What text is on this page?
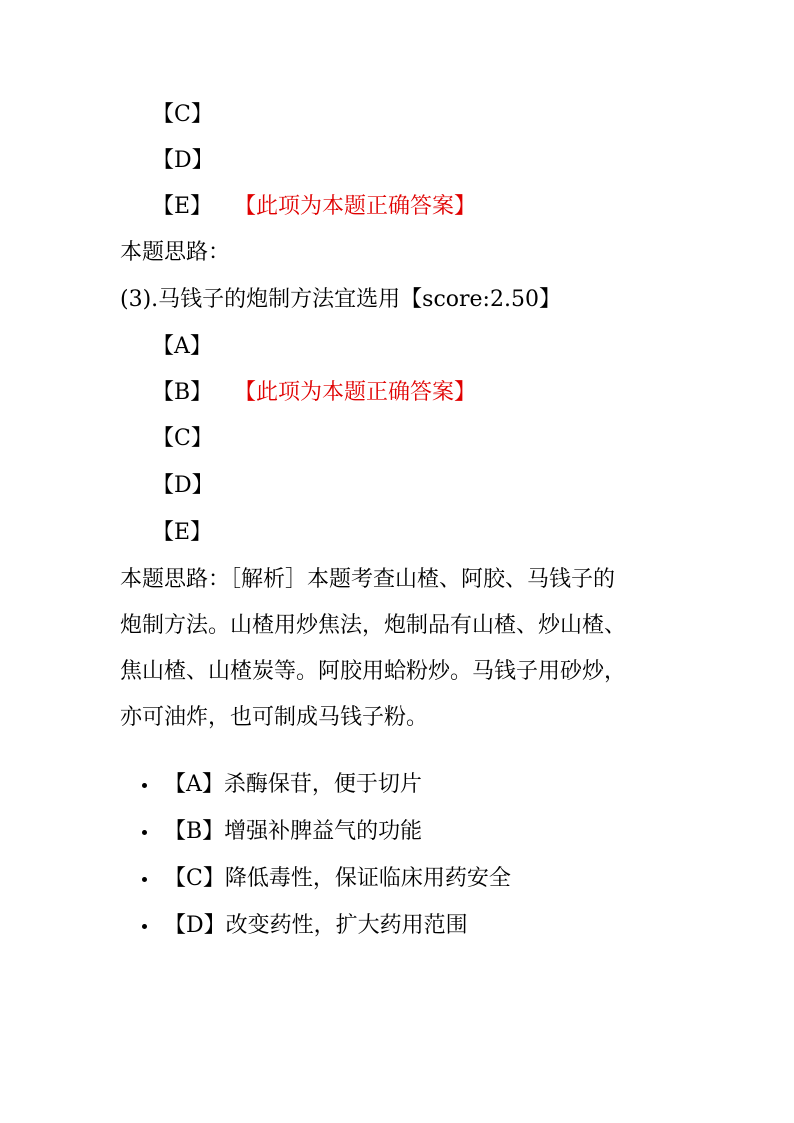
【C】
【D】
【E】 【此项为本题正确答案】
本题思路：
(3).马钱子的炮制方法宜选用【score:2.50】
【A】
【B】 【此项为本题正确答案】
【C】
【D】
【E】
本题思路：［解析］本题考查山楂、阿胶、马钱子的
炮制方法。山楂用炒焦法，炮制品有山楂、炒山楂、
焦山楂、山楂炭等。阿胶用蛤粉炒。马钱子用砂炒，
亦可油炸，也可制成马钱子粉。
【A】杀酶保苷，便于切片
【B】增强补脾益气的功能
【C】降低毒性，保证临床用药安全
【D】改变药性，扩大药用范围
